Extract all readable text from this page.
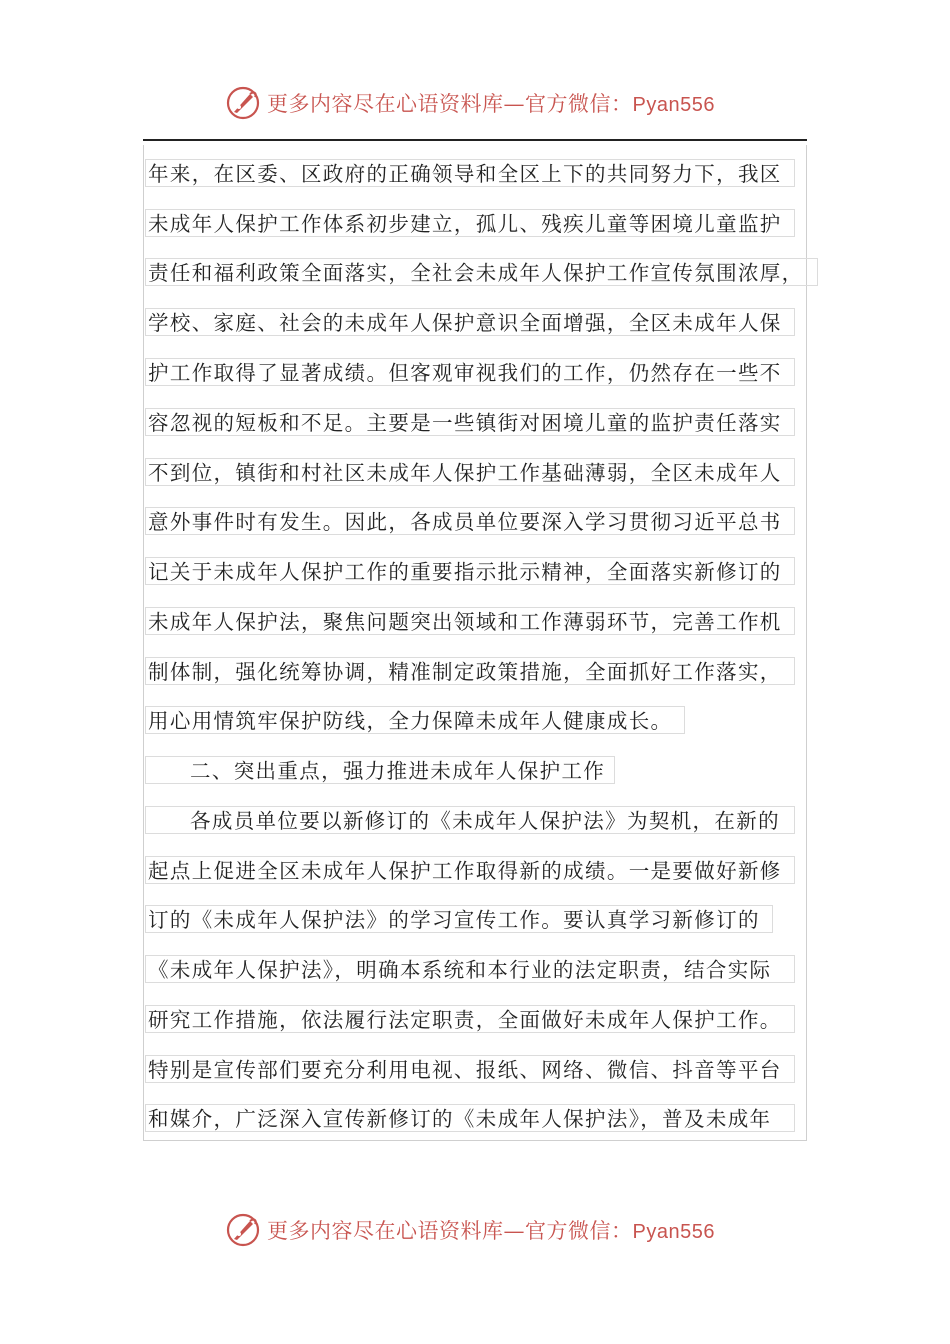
更多内容尽在心语资料库—官方微信：Pyan556
年来，在区委、区政府的正确领导和全区上下的共同努力下，我区
未成年人保护工作体系初步建立，孤儿、残疾儿童等困境儿童监护
责任和福利政策全面落实，全社会未成年人保护工作宣传氛围浓厚，
学校、家庭、社会的未成年人保护意识全面增强，全区未成年人保
护工作取得了显著成绩。但客观审视我们的工作，仍然存在一些不
容忽视的短板和不足。主要是一些镇街对困境儿童的监护责任落实
不到位，镇街和村社区未成年人保护工作基础薄弱，全区未成年人
意外事件时有发生。因此，各成员单位要深入学习贯彻习近平总书
记关于未成年人保护工作的重要指示批示精神，全面落实新修订的
未成年人保护法，聚焦问题突出领域和工作薄弱环节，完善工作机
制体制，强化统筹协调，精准制定政策措施，全面抓好工作落实，
用心用情筑牢保护防线，全力保障未成年人健康成长。
二、突出重点，强力推进未成年人保护工作
各成员单位要以新修订的《未成年人保护法》为契机，在新的
起点上促进全区未成年人保护工作取得新的成绩。一是要做好新修
订的《未成年人保护法》的学习宣传工作。要认真学习新修订的
《未成年人保护法》，明确本系统和本行业的法定职责，结合实际
研究工作措施，依法履行法定职责，全面做好未成年人保护工作。
特别是宣传部们要充分利用电视、报纸、网络、微信、抖音等平台
和媒介，广泛深入宣传新修订的《未成年人保护法》，普及未成年
更多内容尽在心语资料库—官方微信：Pyan556
